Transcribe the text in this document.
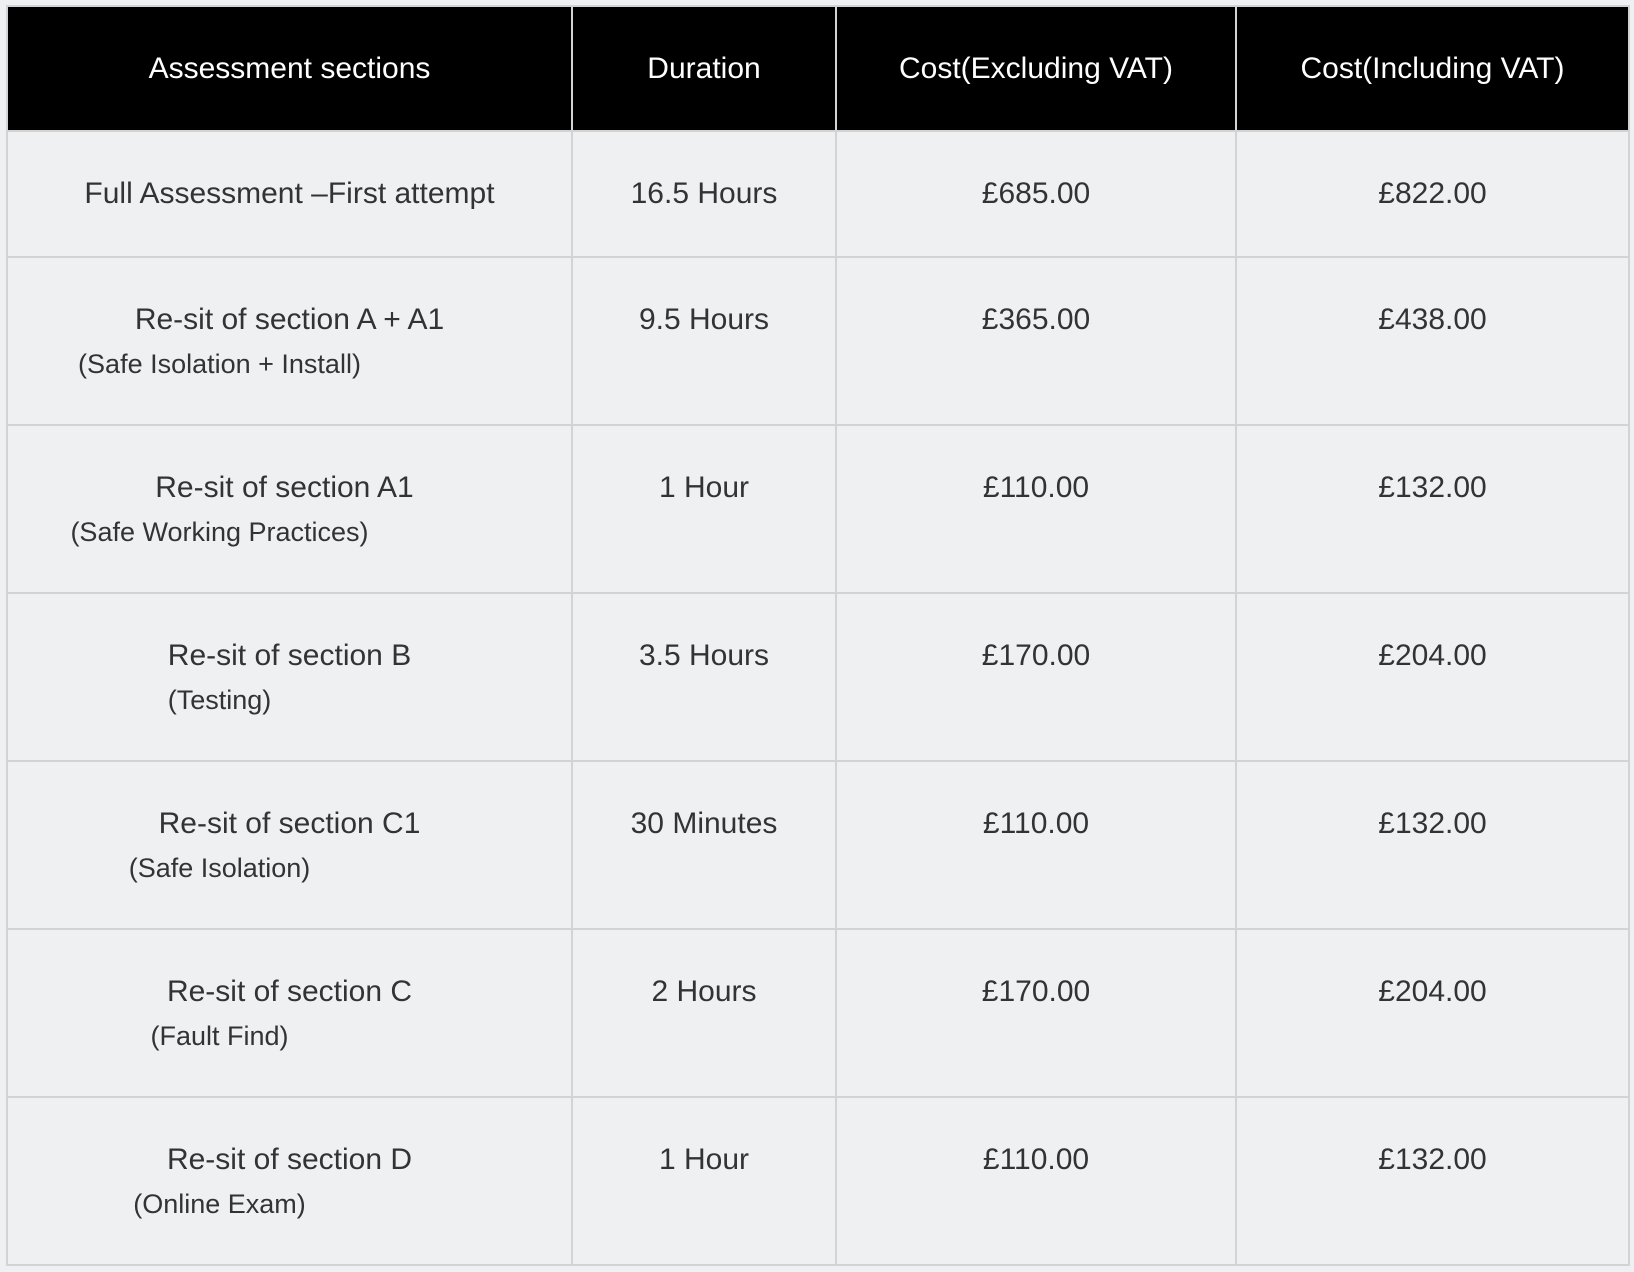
Assessment sections	Duration	Cost(Excluding VAT)	Cost(Including VAT)

Full Assessment –First attempt	16.5 Hours	£685.00	£822.00

Re-sit of section A + A1
(Safe Isolation + Install)	9.5 Hours	£365.00	£438.00

Re-sit of section A1
(Safe Working Practices)	1 Hour	£110.00	£132.00

Re-sit of section B
(Testing)	3.5 Hours	£170.00	£204.00

Re-sit of section C1
(Safe Isolation)	30 Minutes	£110.00	£132.00

Re-sit of section C
(Fault Find)	2 Hours	£170.00	£204.00

Re-sit of section D
(Online Exam)	1 Hour	£110.00	£132.00
